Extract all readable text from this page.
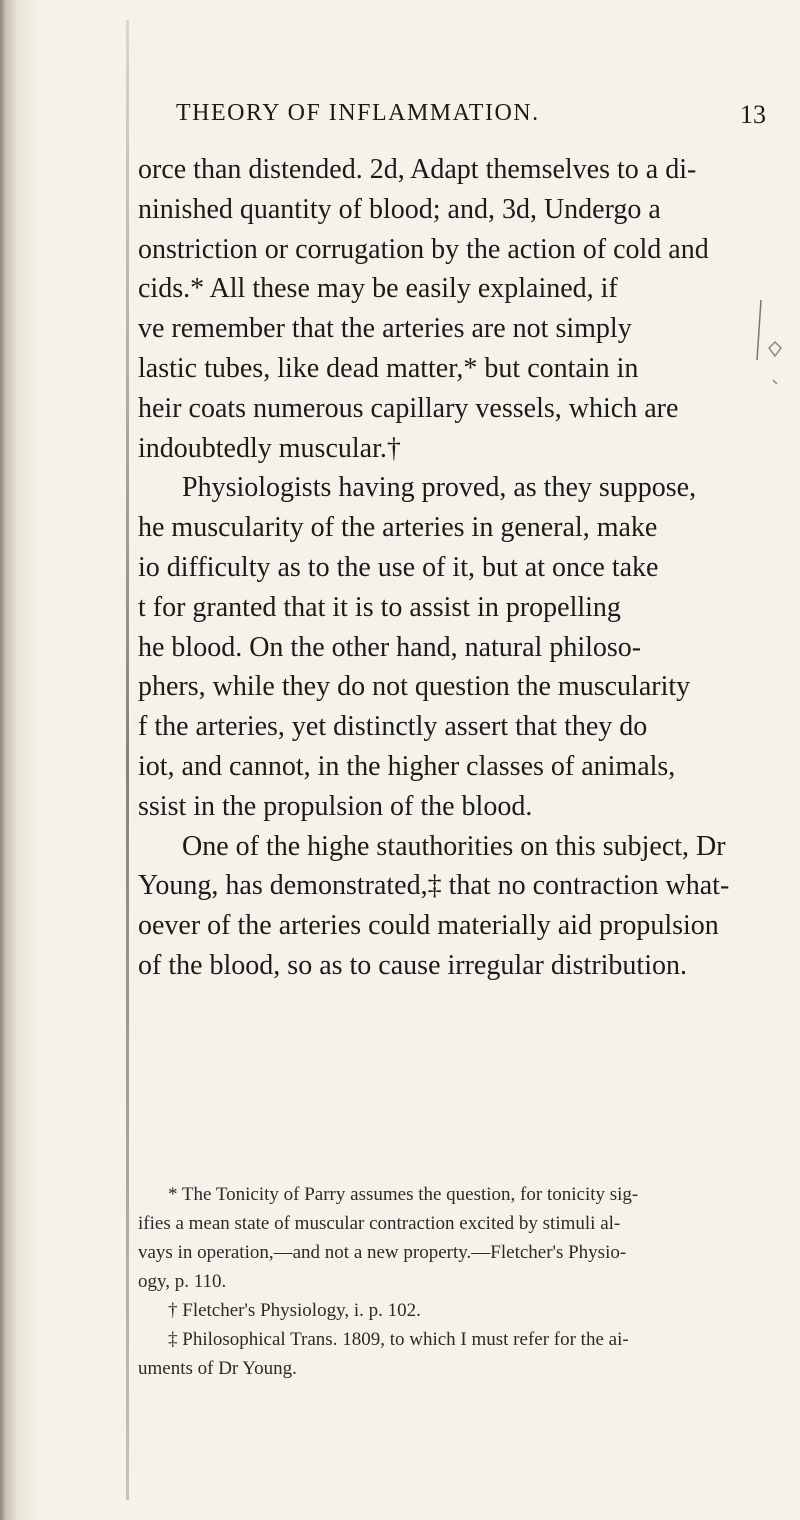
THEORY OF INFLAMMATION.	13
orce than distended. 2d, Adapt themselves to a di-
ninished quantity of blood; and, 3d, Undergo a
onstriction or corrugation by the action of cold and
cids.* All these may be easily explained, if
ve remember that the arteries are not simply
lastic tubes, like dead matter,* but contain in
heir coats numerous capillary vessels, which are
indoubtedly muscular.†
Physiologists having proved, as they suppose,
he muscularity of the arteries in general, make
io difficulty as to the use of it, but at once take
t for granted that it is to assist in propelling
he blood. On the other hand, natural philoso-
phers, while they do not question the muscularity
f the arteries, yet distinctly assert that they do
iot, and cannot, in the higher classes of animals,
ssist in the propulsion of the blood.
One of the highe stauthorities on this subject, Dr
Young, has demonstrated,‡ that no contraction what-
oever of the arteries could materially aid propulsion
of the blood, so as to cause irregular distribution.
* The Tonicity of Parry assumes the question, for tonicity sig-
ifies a mean state of muscular contraction excited by stimuli al-
vays in operation,—and not a new property.—Fletcher's Physio-
ogy, p. 110.
† Fletcher's Physiology, i. p. 102.
‡ Philosophical Trans. 1809, to which I must refer for the ai-
uments of Dr Young.
